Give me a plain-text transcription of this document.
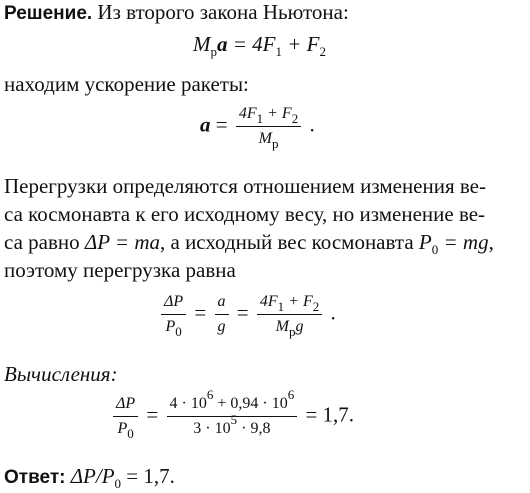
Решение. Из второго закона Ньютона:
$M_рa = 4F_1 + F_2$
находим ускорение ракеты:
$a = \frac{4F_1 + F_2}{M_р}$ .
Перегрузки определяются отношением изменения ве-
са космонавта к его исходному весу, но изменение ве-
са равно ΔP = ma, а исходный вес космонавта $P_0$ = mg,
поэтому перегрузка равна
$\frac{\Delta P}{P_0} = \frac{a}{g} = \frac{4F_1 + F_2}{M_рg}$ .
Вычисления:
$\frac{\Delta P}{P_0} = \frac{4 \cdot 10^6 + 0,94 \cdot 10^6}{3 \cdot 10^5 \cdot 9,8} = 1,7$.
Ответ: $\Delta P/P_0 = 1,7$.
